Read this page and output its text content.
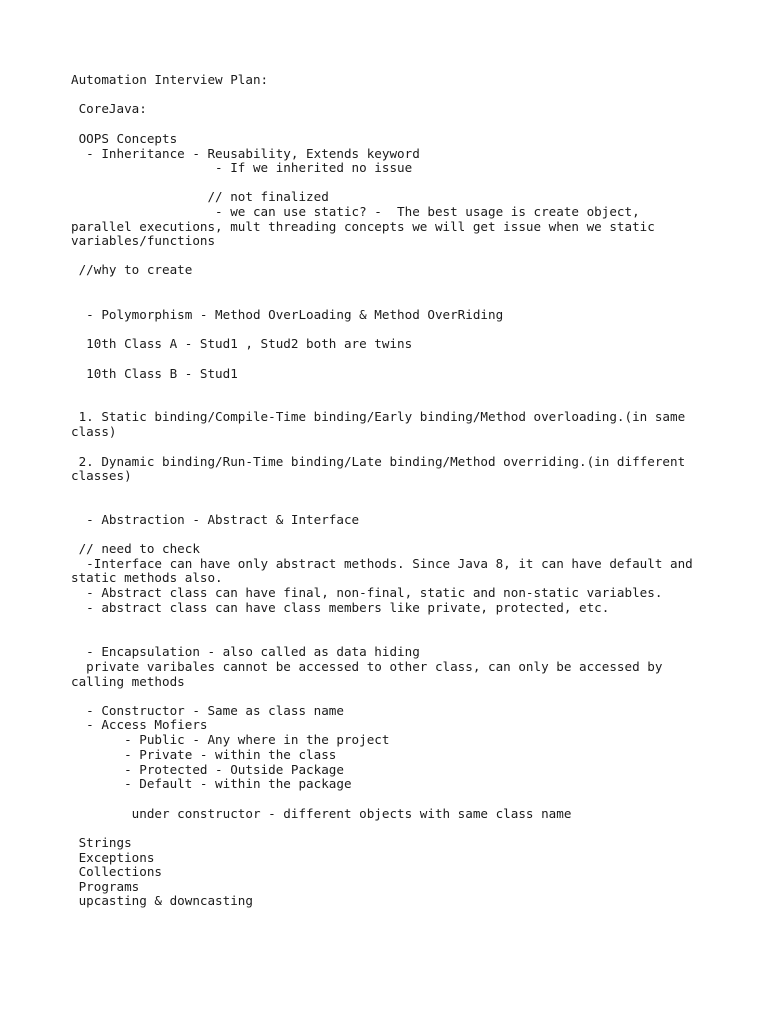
Automation Interview Plan:
CoreJava:
OOPS Concepts
- Inheritance - Reusability, Extends keyword
- If we inherited no issue
// not finalized
- we can use static? -  The best usage is create object,
parallel executions, mult threading concepts we will get issue when we static
variables/functions
//why to create
- Polymorphism - Method OverLoading & Method OverRiding
10th Class A - Stud1 , Stud2 both are twins
10th Class B - Stud1
1. Static binding/Compile-Time binding/Early binding/Method overloading.(in same
class)
2. Dynamic binding/Run-Time binding/Late binding/Method overriding.(in different
classes)
- Abstraction - Abstract & Interface
// need to check
-Interface can have only abstract methods. Since Java 8, it can have default and
static methods also.
- Abstract class can have final, non-final, static and non-static variables.
- abstract class can have class members like private, protected, etc.
- Encapsulation - also called as data hiding
private varibales cannot be accessed to other class, can only be accessed by
calling methods
- Constructor - Same as class name
- Access Mofiers
- Public - Any where in the project
- Private - within the class
- Protected - Outside Package
- Default - within the package
under constructor - different objects with same class name
Strings
Exceptions
Collections
Programs
upcasting & downcasting
